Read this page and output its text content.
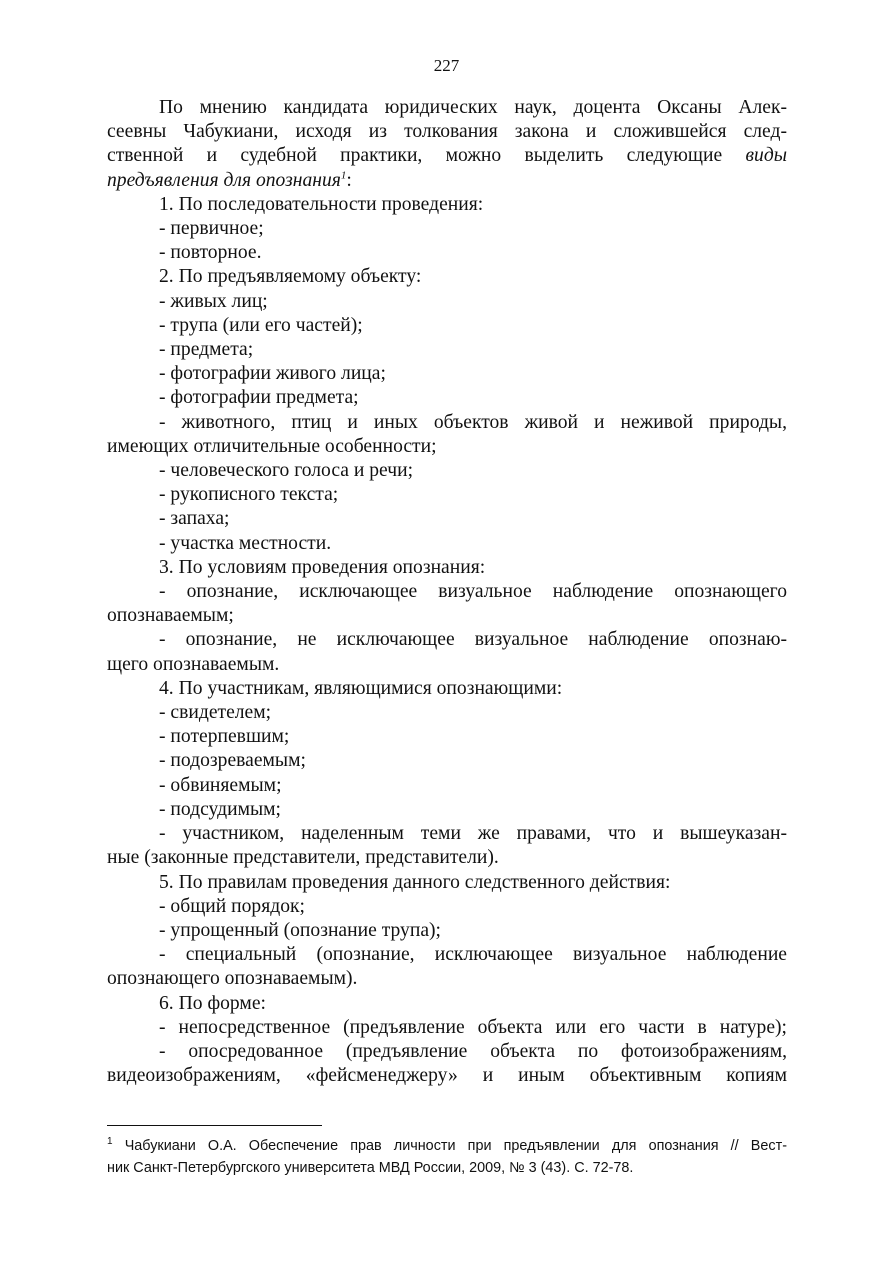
227

По мнению кандидата юридических наук, доцента Оксаны Алек-

сеевны Чабукиани, исходя из толкования закона и сложившейся след-

ственной и судебной практики, можно выделить следующие виды

предъявления для опознания$^1$:

1. По последовательности проведения:

- первичное;

- повторное.

2. По предъявляемому объекту:

- живых лиц;

- трупа (или его частей);

- предмета;

- фотографии живого лица;

- фотографии предмета;

- животного, птиц и иных объектов живой и неживой природы,

имеющих отличительные особенности;

- человеческого голоса и речи;

- рукописного текста;

- запаха;

- участка местности.

3. По условиям проведения опознания:

- опознание, исключающее визуальное наблюдение опознающего

опознаваемым;

- опознание, не исключающее визуальное наблюдение опознаю-

щего опознаваемым.

4. По участникам, являющимися опознающими:

- свидетелем;

- потерпевшим;

- подозреваемым;

- обвиняемым;

- подсудимым;

- участником, наделенным теми же правами, что и вышеуказан-

ные (законные представители, представители).

5. По правилам проведения данного следственного действия:

- общий порядок;

- упрощенный (опознание трупа);

- специальный (опознание, исключающее визуальное наблюдение

опознающего опознаваемым).

6. По форме:

- непосредственное (предъявление объекта или его части в натуре);

- опосредованное (предъявление объекта по фотоизображениям,

видеоизображениям, «фейсменеджеру» и иным объективным копиям

$^1$ Чабукиани О.А. Обеспечение прав личности при предъявлении для опознания // Вест-

ник Санкт-Петербургского университета МВД России, 2009, № 3 (43). С. 72-78.
